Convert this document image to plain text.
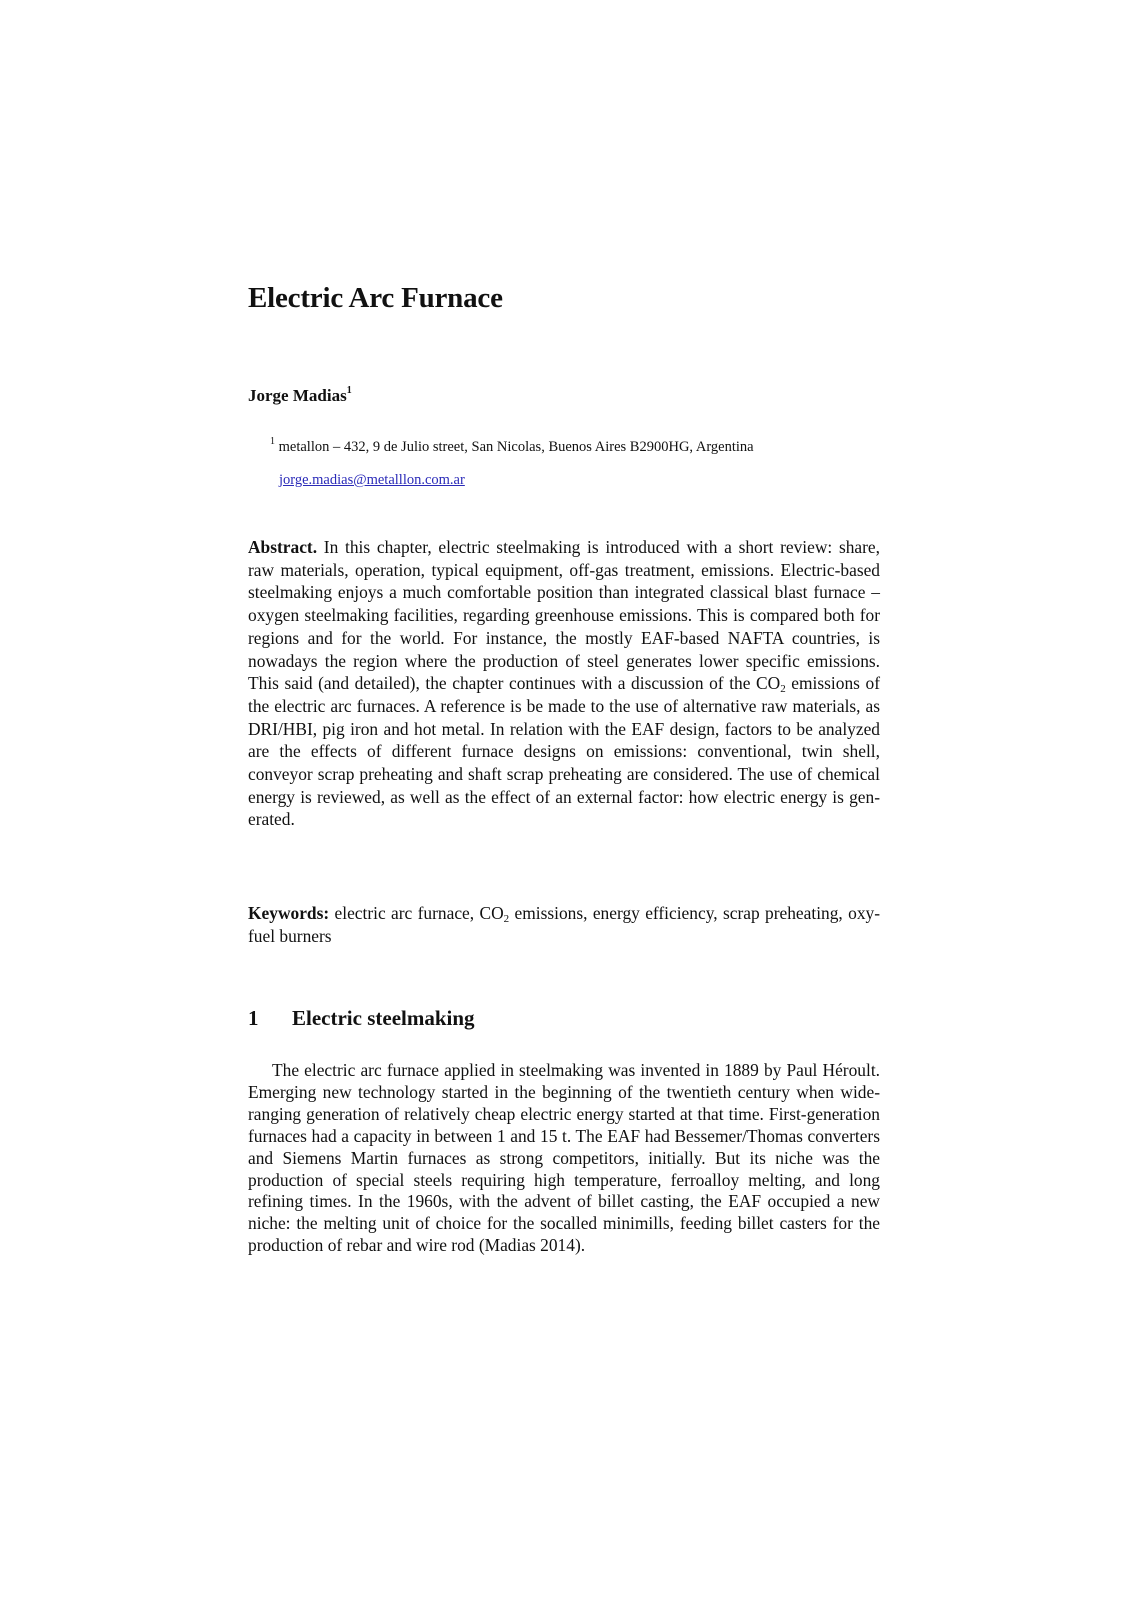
Electric Arc Furnace
Jorge Madias$^1$
$^1$ metallon – 432, 9 de Julio street, San Nicolas, Buenos Aires B2900HG, Argentina
jorge.madias@metalllon.com.ar

Abstract. In this chapter, electric steelmaking is introduced with a short review: share, raw materials, operation, typical equipment, off-gas treatment, emissions. Electric-based steelmaking enjoys a much comfortable position than integrated classical blast furnace – oxygen steelmaking facilities, regarding greenhouse emissions. This is compared both for regions and for the world. For instance, the mostly EAF-based NAFTA countries, is nowadays the region where the production of steel generates lower specific emissions. This said (and detailed), the chapter continues with a discussion of the $CO_2$ emissions of the electric arc furnaces. A reference is be made to the use of alternative raw materials, as DRI/HBI, pig iron and hot metal. In relation with the EAF design, factors to be analyzed are the effects of different furnace designs on emissions: conventional, twin shell, conveyor scrap preheating and shaft scrap preheating are considered. The use of chemical energy is reviewed, as well as the effect of an external factor: how electric energy is generated.

Keywords: electric arc furnace, $CO_2$ emissions, energy efficiency, scrap preheating, oxy-fuel burners

1 Electric steelmaking

The electric arc furnace applied in steelmaking was invented in 1889 by Paul Héroult. Emerging new technology started in the beginning of the twentieth century when wide-ranging generation of relatively cheap electric energy started at that time. First-generation furnaces had a capacity in between 1 and 15 t. The EAF had Bessemer/Thomas converters and Siemens Martin furnaces as strong competitors, initially. But its niche was the production of special steels requiring high temperature, ferroalloy melting, and long refining times. In the 1960s, with the advent of billet casting, the EAF occupied a new niche: the melting unit of choice for the socalled minimills, feeding billet casters for the production of rebar and wire rod (Madias 2014).
